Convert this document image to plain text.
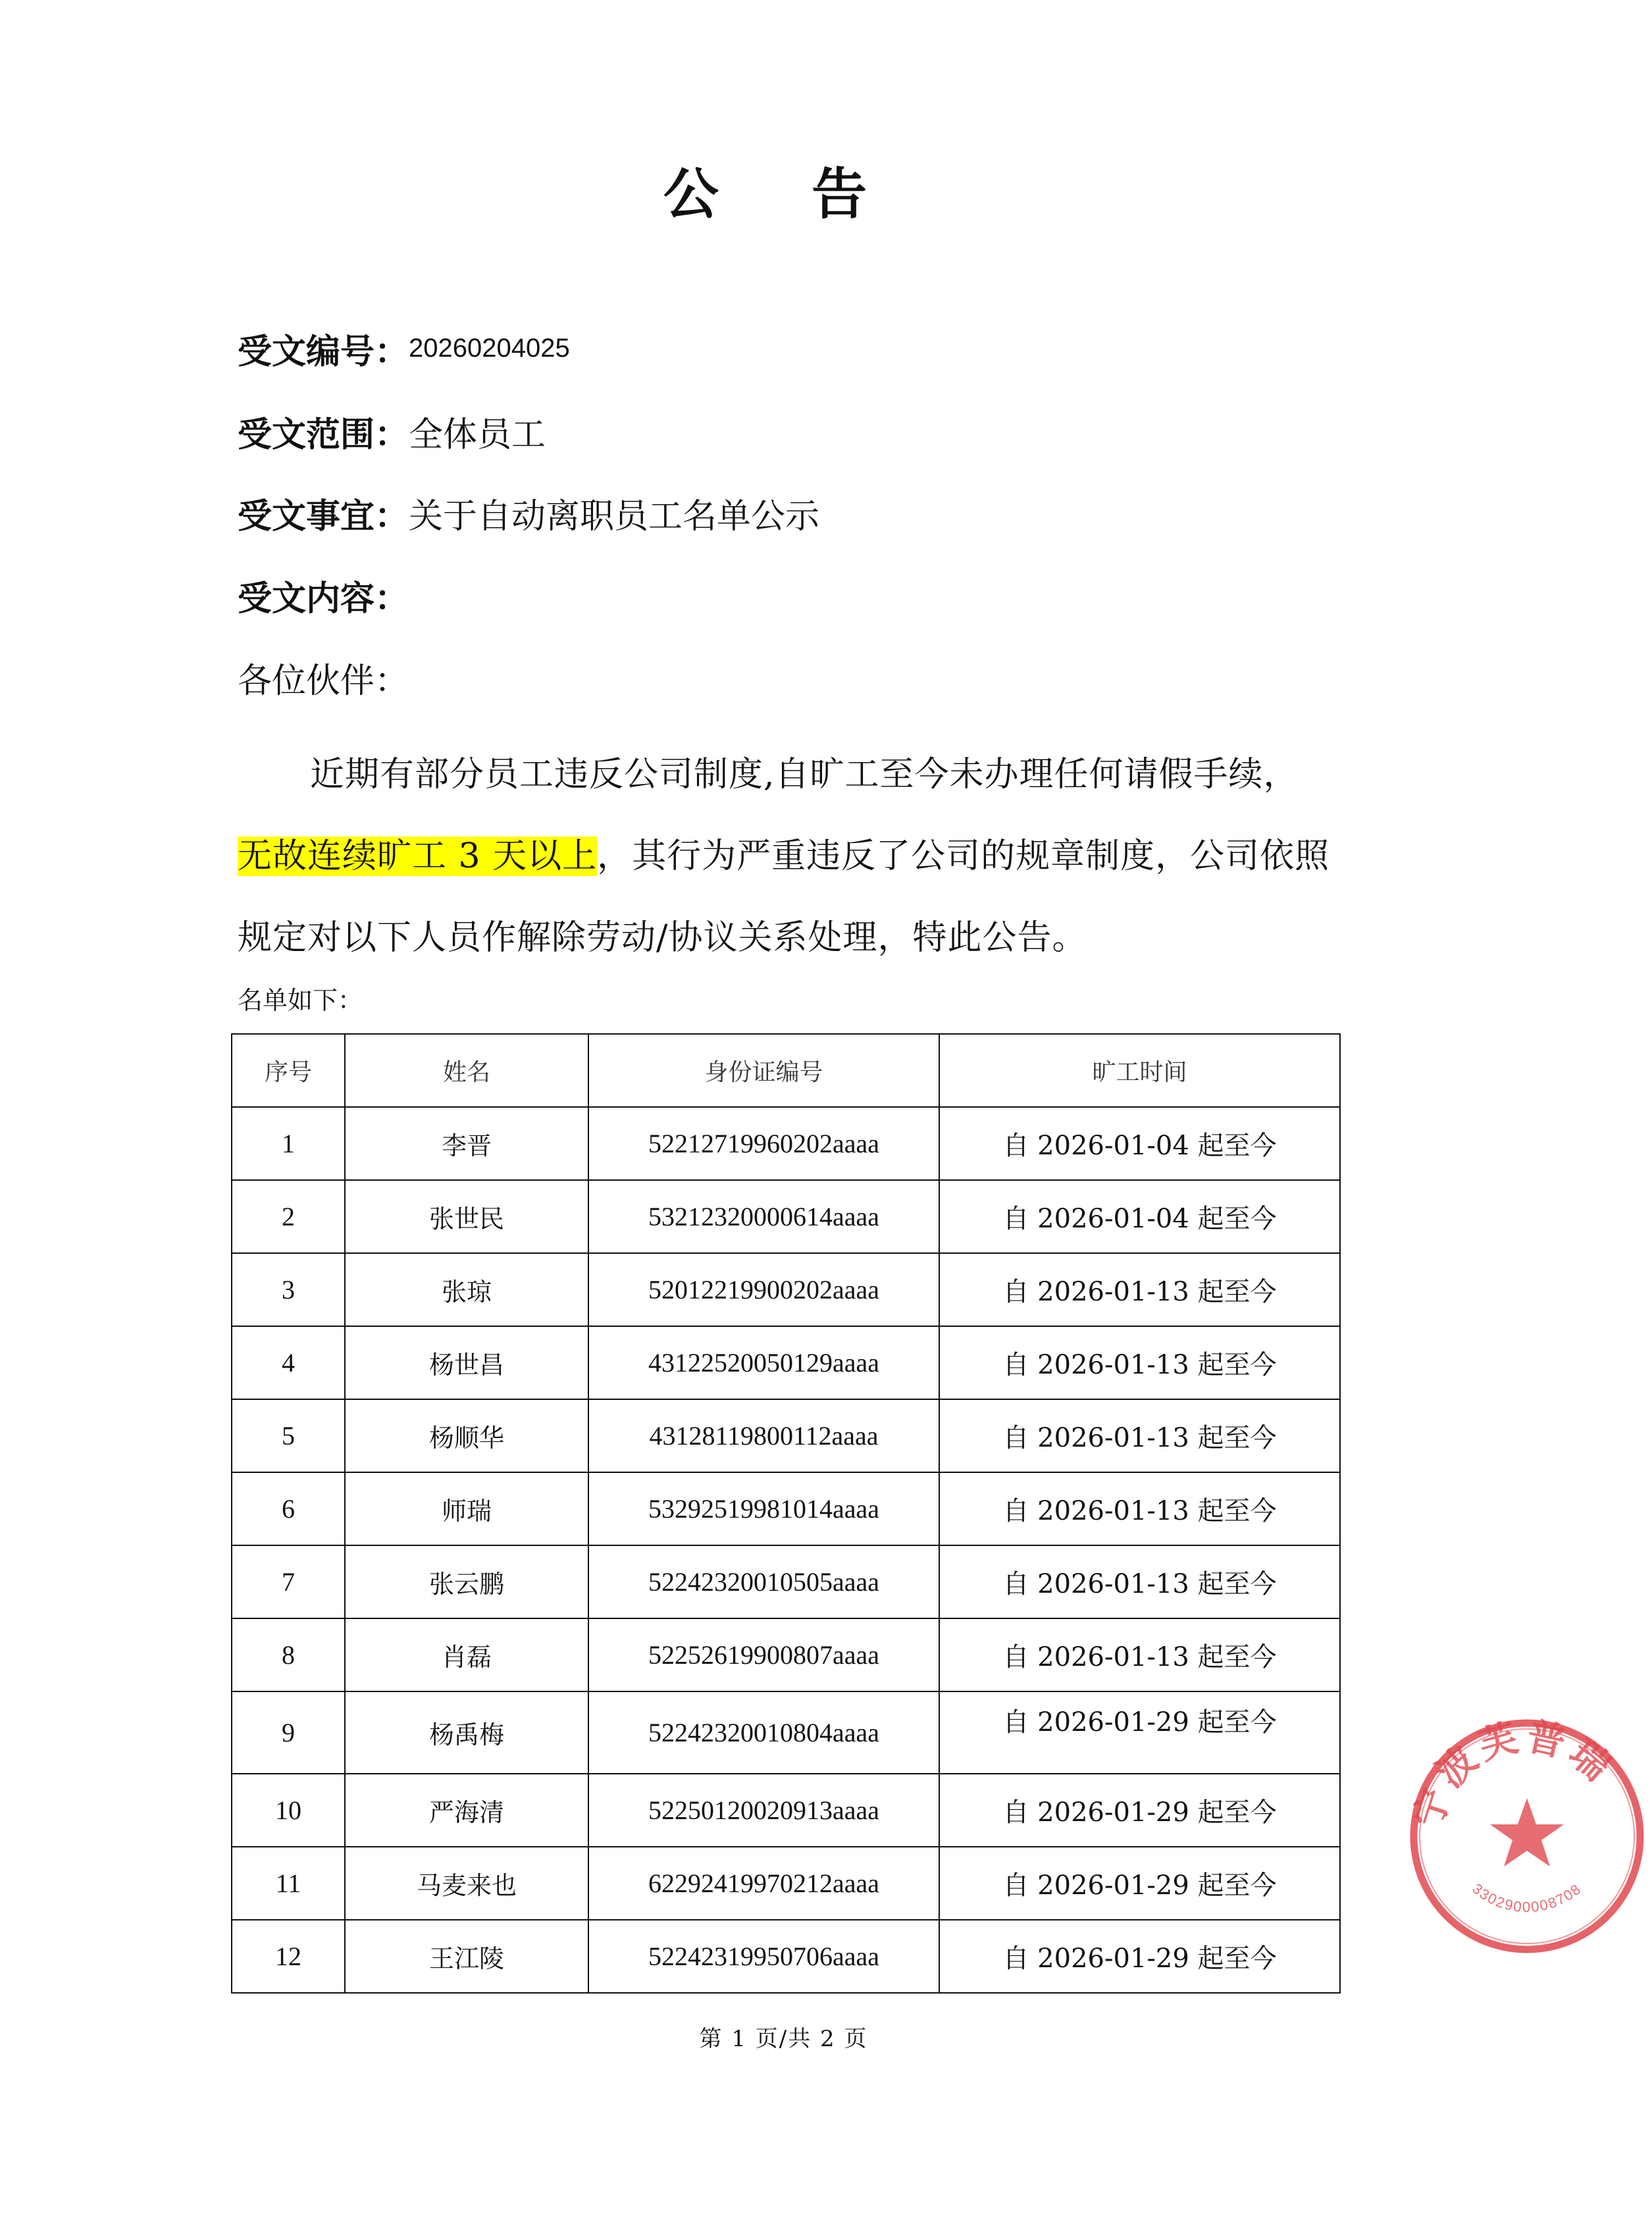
公 告
受文编号：20260204025
受文范围：全体员工
受文事宜：关于自动离职员工名单公示
受文内容：
各位伙伴：
近期有部分员工违反公司制度,自旷工至今未办理任何请假手续，无故连续旷工 3 天以上，其行为严重违反了公司的规章制度，公司依照规定对以下人员作解除劳动/协议关系处理，特此公告。
名单如下：
序号	姓名	身份证编号	旷工时间
1	李晋	52212719960202aaaa	自 2026-01-04 起至今
2	张世民	53212320000614aaaa	自 2026-01-04 起至今
3	张琼	52012219900202aaaa	自 2026-01-13 起至今
4	杨世昌	43122520050129aaaa	自 2026-01-13 起至今
5	杨顺华	43128119800112aaaa	自 2026-01-13 起至今
6	师瑞	53292519981014aaaa	自 2026-01-13 起至今
7	张云鹏	52242320010505aaaa	自 2026-01-13 起至今
8	肖磊	52252619900807aaaa	自 2026-01-13 起至今
9	杨禹梅	52242320010804aaaa	自 2026-01-29 起至今
10	严海清	52250120020913aaaa	自 2026-01-29 起至今
11	马麦来也	62292419970212aaaa	自 2026-01-29 起至今
12	王江陵	52242319950706aaaa	自 2026-01-29 起至今
第 1 页/共 2 页
宁波芙普瑞
3302900008708
